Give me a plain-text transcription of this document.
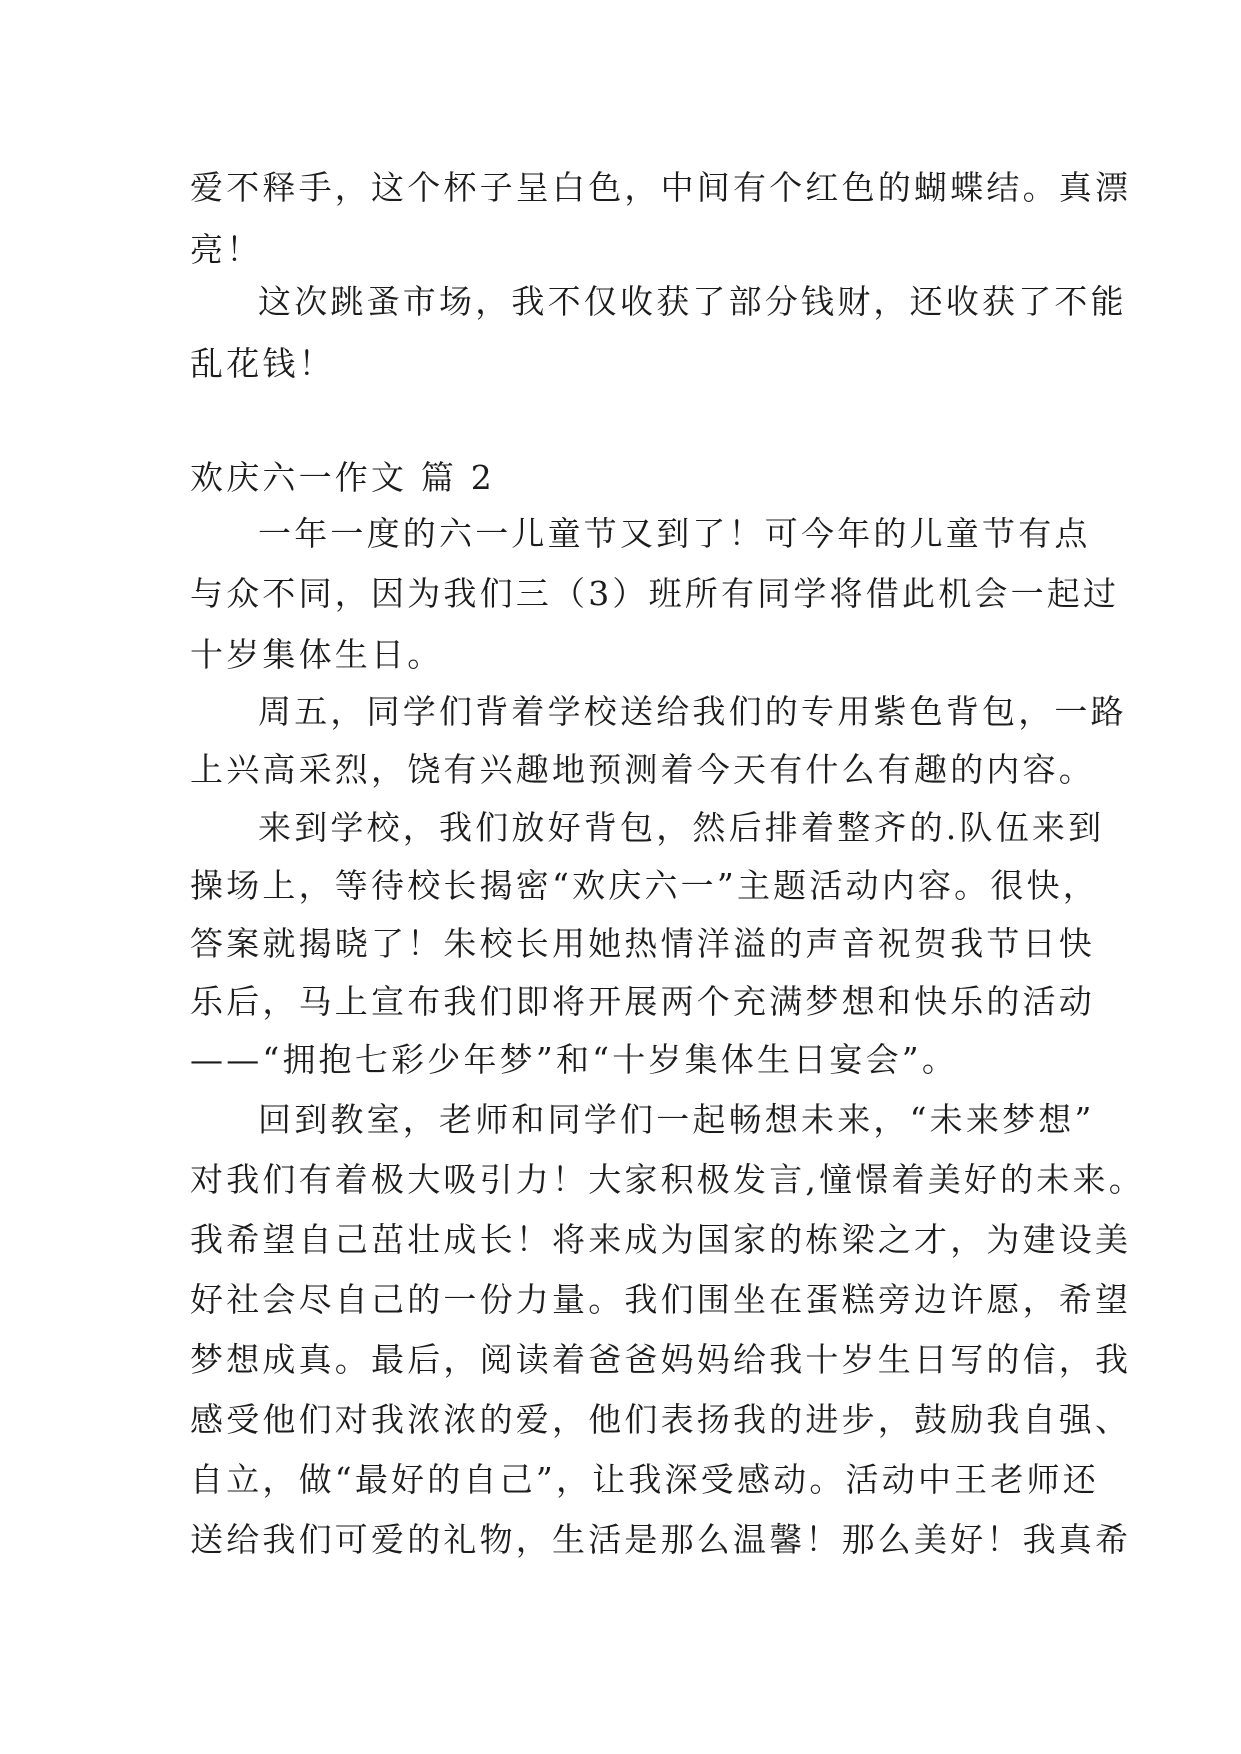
爱不释手，这个杯子呈白色，中间有个红色的蝴蝶结。真漂
亮！
这次跳蚤市场，我不仅收获了部分钱财，还收获了不能
乱花钱！
欢庆六一作文 篇 2
一年一度的六一儿童节又到了！可今年的儿童节有点
与众不同，因为我们三（3）班所有同学将借此机会一起过
十岁集体生日。
周五，同学们背着学校送给我们的专用紫色背包，一路
上兴高采烈，饶有兴趣地预测着今天有什么有趣的内容。
来到学校，我们放好背包，然后排着整齐的.队伍来到
操场上，等待校长揭密“欢庆六一”主题活动内容。很快，
答案就揭晓了！朱校长用她热情洋溢的声音祝贺我节日快
乐后，马上宣布我们即将开展两个充满梦想和快乐的活动
——“拥抱七彩少年梦”和“十岁集体生日宴会”。
回到教室，老师和同学们一起畅想未来，“未来梦想”
对我们有着极大吸引力！大家积极发言,憧憬着美好的未来。
我希望自己茁壮成长！将来成为国家的栋梁之才，为建设美
好社会尽自己的一份力量。我们围坐在蛋糕旁边许愿，希望
梦想成真。最后，阅读着爸爸妈妈给我十岁生日写的信，我
感受他们对我浓浓的爱，他们表扬我的进步，鼓励我自强、
自立，做“最好的自己”，让我深受感动。活动中王老师还
送给我们可爱的礼物，生活是那么温馨！那么美好！我真希
